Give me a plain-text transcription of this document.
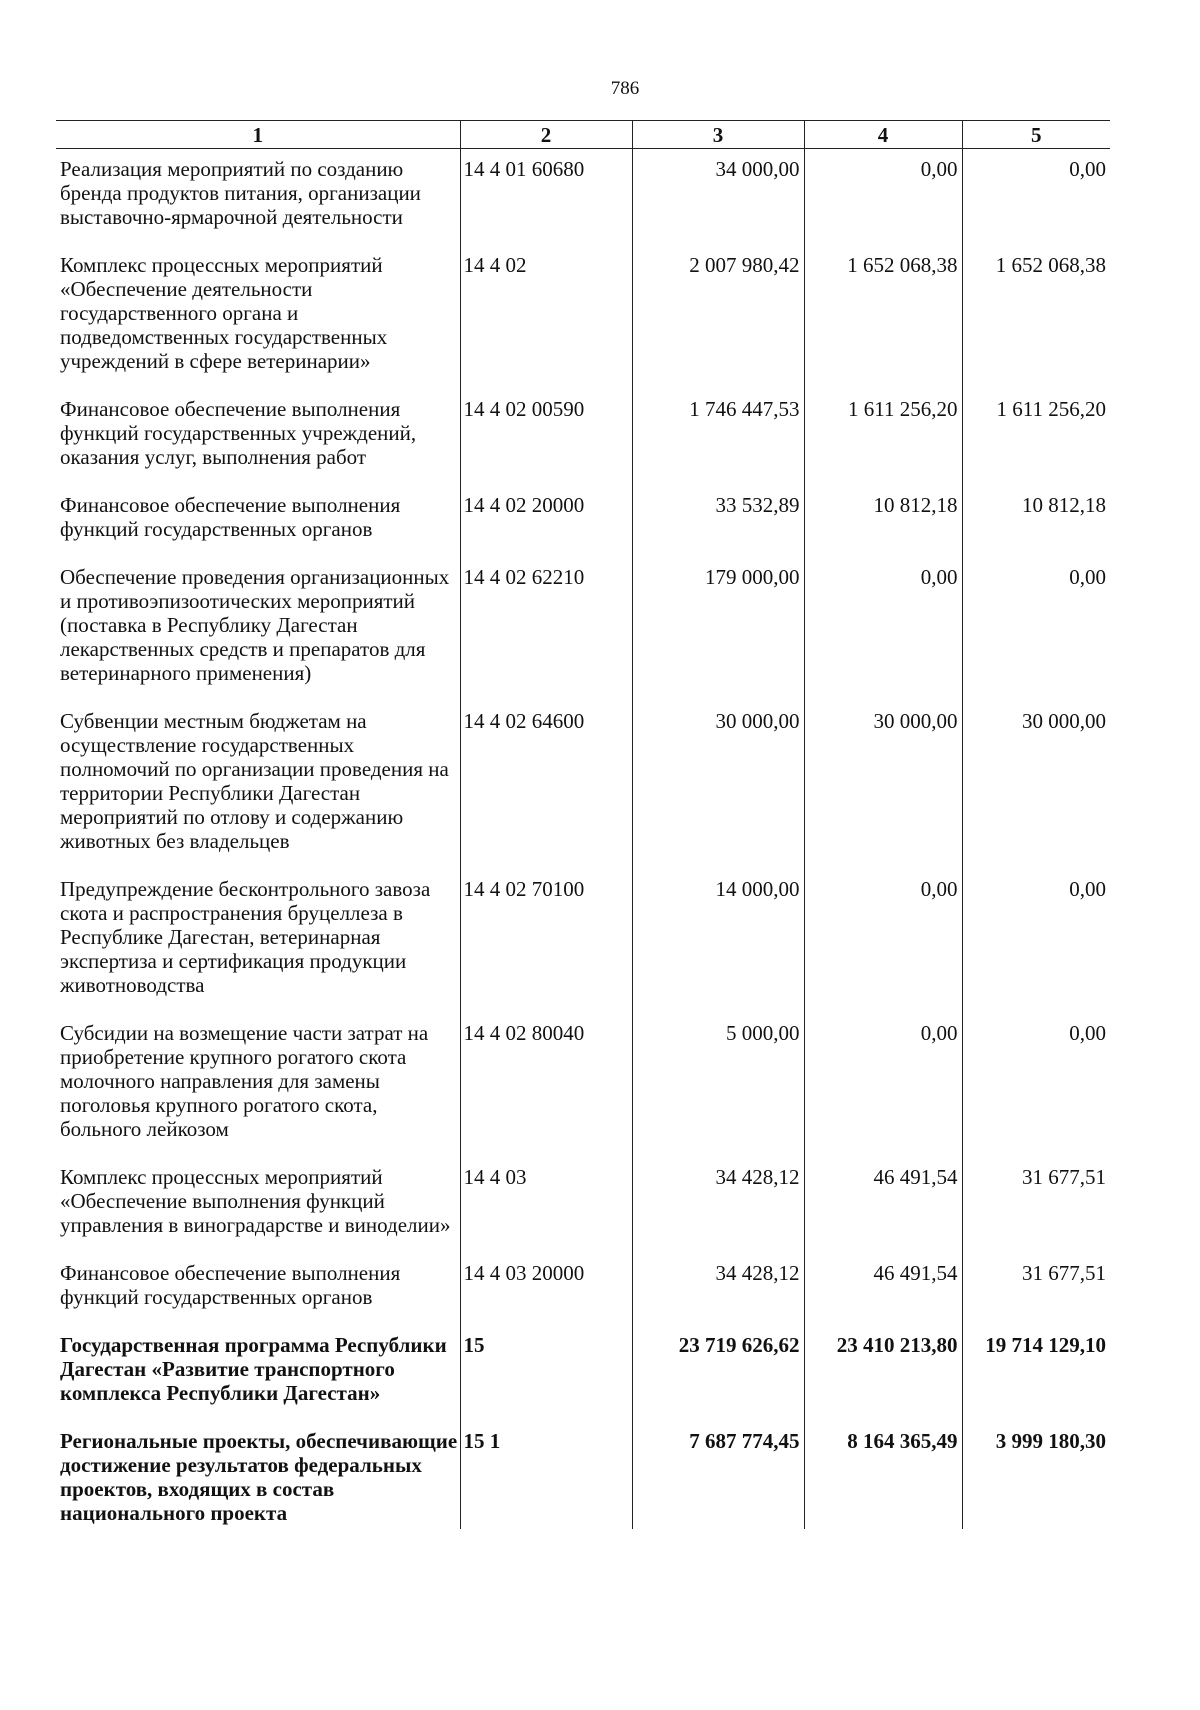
786
1	2	3	4	5
Реализация мероприятий по созданию бренда продуктов питания, организации выставочно-ярмарочной деятельности	14 4 01 60680	34 000,00	0,00	0,00
Комплекс процессных мероприятий «Обеспечение деятельности государственного органа и подведомственных государственных учреждений в сфере ветеринарии»	14 4 02	2 007 980,42	1 652 068,38	1 652 068,38
Финансовое обеспечение выполнения функций государственных учреждений, оказания услуг, выполнения работ	14 4 02 00590	1 746 447,53	1 611 256,20	1 611 256,20
Финансовое обеспечение выполнения функций государственных органов	14 4 02 20000	33 532,89	10 812,18	10 812,18
Обеспечение проведения организационных и противоэпизоотических мероприятий (поставка в Республику Дагестан лекарственных средств и препаратов для ветеринарного применения)	14 4 02 62210	179 000,00	0,00	0,00
Субвенции местным бюджетам на осуществление государственных полномочий по организации проведения на территории Республики Дагестан мероприятий по отлову и содержанию животных без владельцев	14 4 02 64600	30 000,00	30 000,00	30 000,00
Предупреждение бесконтрольного завоза скота и распространения бруцеллеза в Республике Дагестан, ветеринарная экспертиза и сертификация продукции животноводства	14 4 02 70100	14 000,00	0,00	0,00
Субсидии на возмещение части затрат на приобретение крупного рогатого скота молочного направления для замены поголовья крупного рогатого скота, больного лейкозом	14 4 02 80040	5 000,00	0,00	0,00
Комплекс процессных мероприятий «Обеспечение выполнения функций управления в виноградарстве и виноделии»	14 4 03	34 428,12	46 491,54	31 677,51
Финансовое обеспечение выполнения функций государственных органов	14 4 03 20000	34 428,12	46 491,54	31 677,51
Государственная программа Республики Дагестан «Развитие транспортного комплекса Республики Дагестан»	15	23 719 626,62	23 410 213,80	19 714 129,10
Региональные проекты, обеспечивающие достижение результатов федеральных проектов, входящих в состав национального проекта	15 1	7 687 774,45	8 164 365,49	3 999 180,30
